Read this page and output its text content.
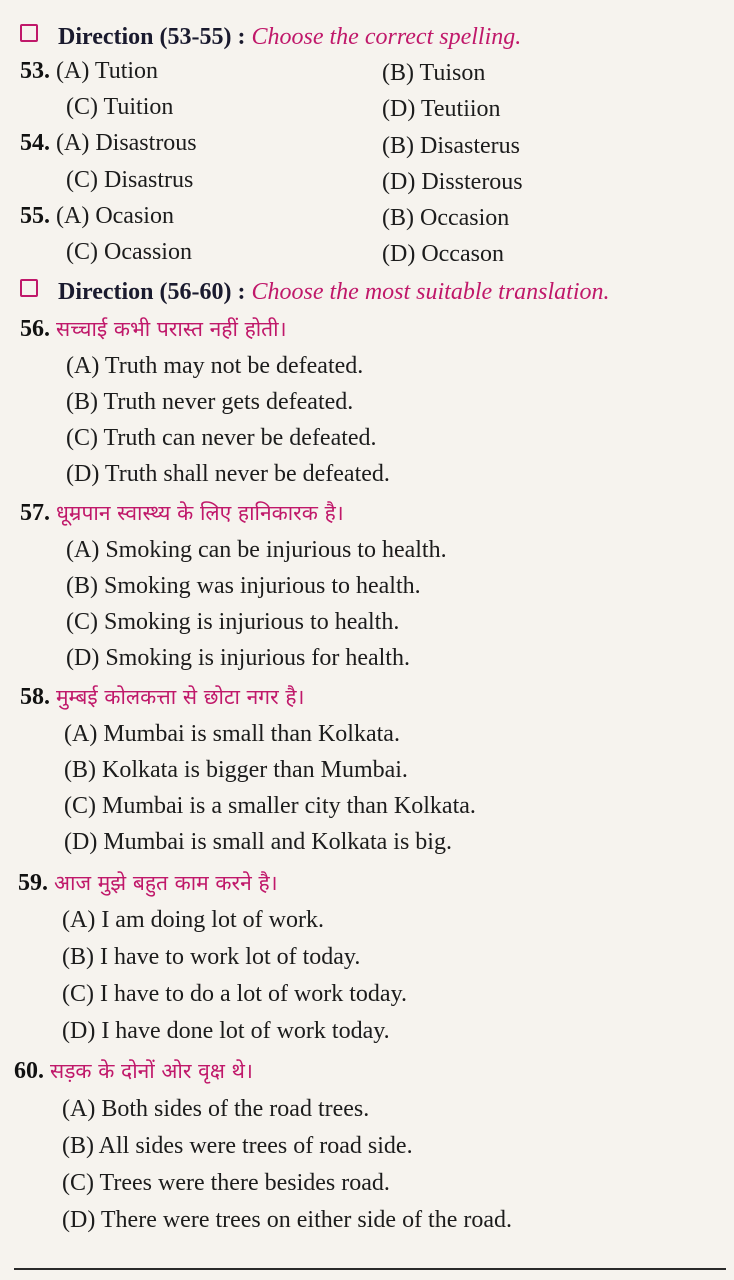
Direction (53-55) : Choose the correct spelling.
53. (A) Tution	(B) Tuison
(C) Tuition	(D) Teutiion
54. (A) Disastrous	(B) Disasterus
(C) Disastrus	(D) Dissterous
55. (A) Ocasion	(B) Occasion
(C) Ocassion	(D) Occason
Direction (56-60) : Choose the most suitable translation.
56. सच्चाई कभी परास्त नहीं होती।
(A) Truth may not be defeated.
(B) Truth never gets defeated.
(C) Truth can never be defeated.
(D) Truth shall never be defeated.
57. धूम्रपान स्वास्थ्य के लिए हानिकारक है।
(A) Smoking can be injurious to health.
(B) Smoking was injurious to health.
(C) Smoking is injurious to health.
(D) Smoking is injurious for health.
58. मुम्बई कोलकत्ता से छोटा नगर है।
(A) Mumbai is small than Kolkata.
(B) Kolkata is bigger than Mumbai.
(C) Mumbai is a smaller city than Kolkata.
(D) Mumbai is small and Kolkata is big.
59. आज मुझे बहुत काम करने है।
(A) I am doing lot of work.
(B) I have to work lot of today.
(C) I have to do a lot of work today.
(D) I have done lot of work today.
60. सड़क के दोनों ओर वृक्ष थे।
(A) Both sides of the road trees.
(B) All sides were trees of road side.
(C) Trees were there besides road.
(D) There were trees on either side of the road.
